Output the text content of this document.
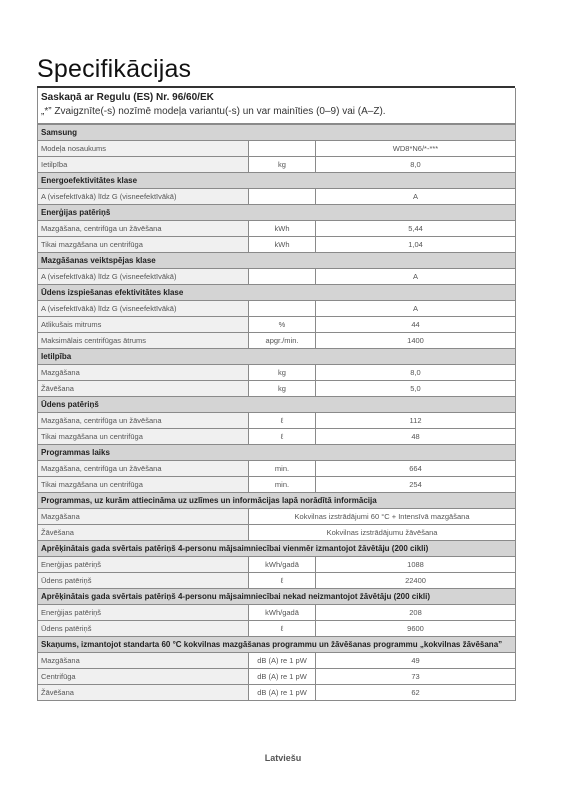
Specifikācijas
Saskaņā ar Regulu (ES) Nr. 96/60/EK
„*” Zvaigznīte(-s) nozīmē modeļa variantu(-s) un var mainīties (0–9) vai (A–Z).
Samsung		
Modeļa nosaukums		WD8*N6/*‑***
Ietilpība	kg	8,0
Energoefektivitātes klase		
A (visefektīvākā) līdz G (visneefektīvākā)		A
Enerģijas patēriņš		
Mazgāšana, centrifūga un žāvēšana	kWh	5,44
Tikai mazgāšana un centrifūga	kWh	1,04
Mazgāšanas veiktspējas klase		
A (visefektīvākā) līdz G (visneefektīvākā)		A
Ūdens izspiešanas efektivitātes klase		
A (visefektīvākā) līdz G (visneefektīvākā)		A
Atlikušais mitrums	%	44
Maksimālais centrifūgas ātrums	apgr./min.	1400
Ietilpība		
Mazgāšana	kg	8,0
Žāvēšana	kg	5,0
Ūdens patēriņš		
Mazgāšana, centrifūga un žāvēšana	ℓ	112
Tikai mazgāšana un centrifūga	ℓ	48
Programmas laiks		
Mazgāšana, centrifūga un žāvēšana	min.	664
Tikai mazgāšana un centrifūga	min.	254
Programmas, uz kurām attiecināma uz uzlīmes un informācijas lapā norādītā informācija		
Mazgāšana	Kokvilnas izstrādājumi 60 °C + Intensīvā mazgāšana	
Žāvēšana	Kokvilnas izstrādājumu žāvēšana	
Aprēķinātais gada svērtais patēriņš 4-personu mājsaimniecībai vienmēr izmantojot žāvētāju (200 cikli)		
Enerģijas patēriņš	kWh/gadā	1088
Ūdens patēriņš	ℓ	22400
Aprēķinātais gada svērtais patēriņš 4-personu mājsaimniecībai nekad neizmantojot žāvētāju (200 cikli)		
Enerģijas patēriņš	kWh/gadā	208
Ūdens patēriņš	ℓ	9600
Skaņums, izmantojot standarta 60 °C kokvilnas mazgāšanas programmu un žāvēšanas programmu „kokvilnas žāvēšana”		
Mazgāšana	dB (A) re 1 pW	49
Centrifūga	dB (A) re 1 pW	73
Žāvēšana	dB (A) re 1 pW	62
Latviešu
